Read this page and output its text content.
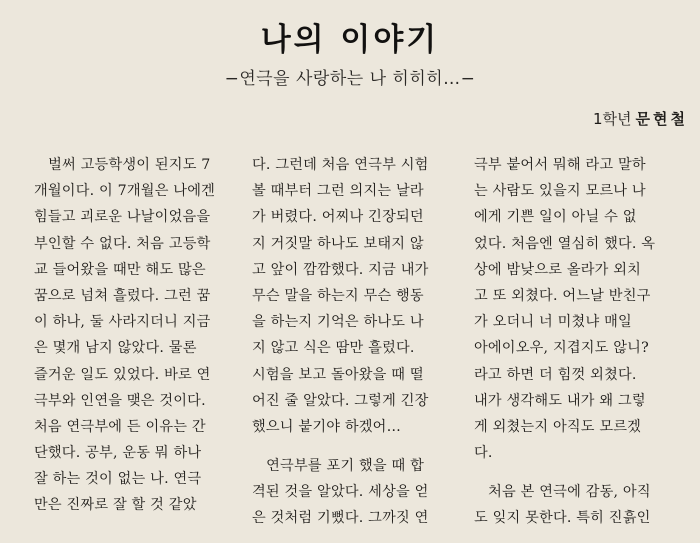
나의 이야기
−연극을 사랑하는 나 히히히…−
1학년 문현철
벌써 고등학생이 된지도 7
개월이다. 이 7개월은 나에겐
힘들고 괴로운 나날이었음을
부인할 수 없다. 처음 고등학
교 들어왔을 때만 해도 많은
꿈으로 넘쳐 흘렀다. 그런 꿈
이 하나, 둘 사라지더니 지금
은 몇개 남지 않았다. 물론
즐거운 일도 있었다. 바로 연
극부와 인연을 맺은 것이다.
처음 연극부에 든 이유는 간
단했다. 공부, 운동 뭐 하나
잘 하는 것이 없는 나. 연극
만은 진짜로 잘 할 것 같았
다. 그런데 처음 연극부 시험
볼 때부터 그런 의지는 날라
가 버렸다. 어찌나 긴장되던
지 거짓말 하나도 보태지 않
고 앞이 깜깜했다. 지금 내가
무슨 말을 하는지 무슨 행동
을 하는지 기억은 하나도 나
지 않고 식은 땀만 흘렀다.
시험을 보고 돌아왔을 때 떨
어진 줄 알았다. 그렇게 긴장
했으니 붙기야 하겠어…
연극부를 포기 했을 때 합
격된 것을 알았다. 세상을 얻
은 것처럼 기뻤다. 그까짓 연
극부 붙어서 뭐해 라고 말하
는 사람도 있을지 모르나 나
에게 기쁜 일이 아닐 수 없
었다. 처음엔 열심히 했다. 옥
상에 밤낮으로 올라가 외치
고 또 외쳤다. 어느날 반친구
가 오더니 너 미쳤냐 매일
아에이오우, 지겹지도 않니?
라고 하면 더 힘껏 외쳤다.
내가 생각해도 내가 왜 그렇
게 외쳤는지 아직도 모르겠
다.
처음 본 연극에 감동, 아직
도 잊지 못한다. 특히 진흙인
